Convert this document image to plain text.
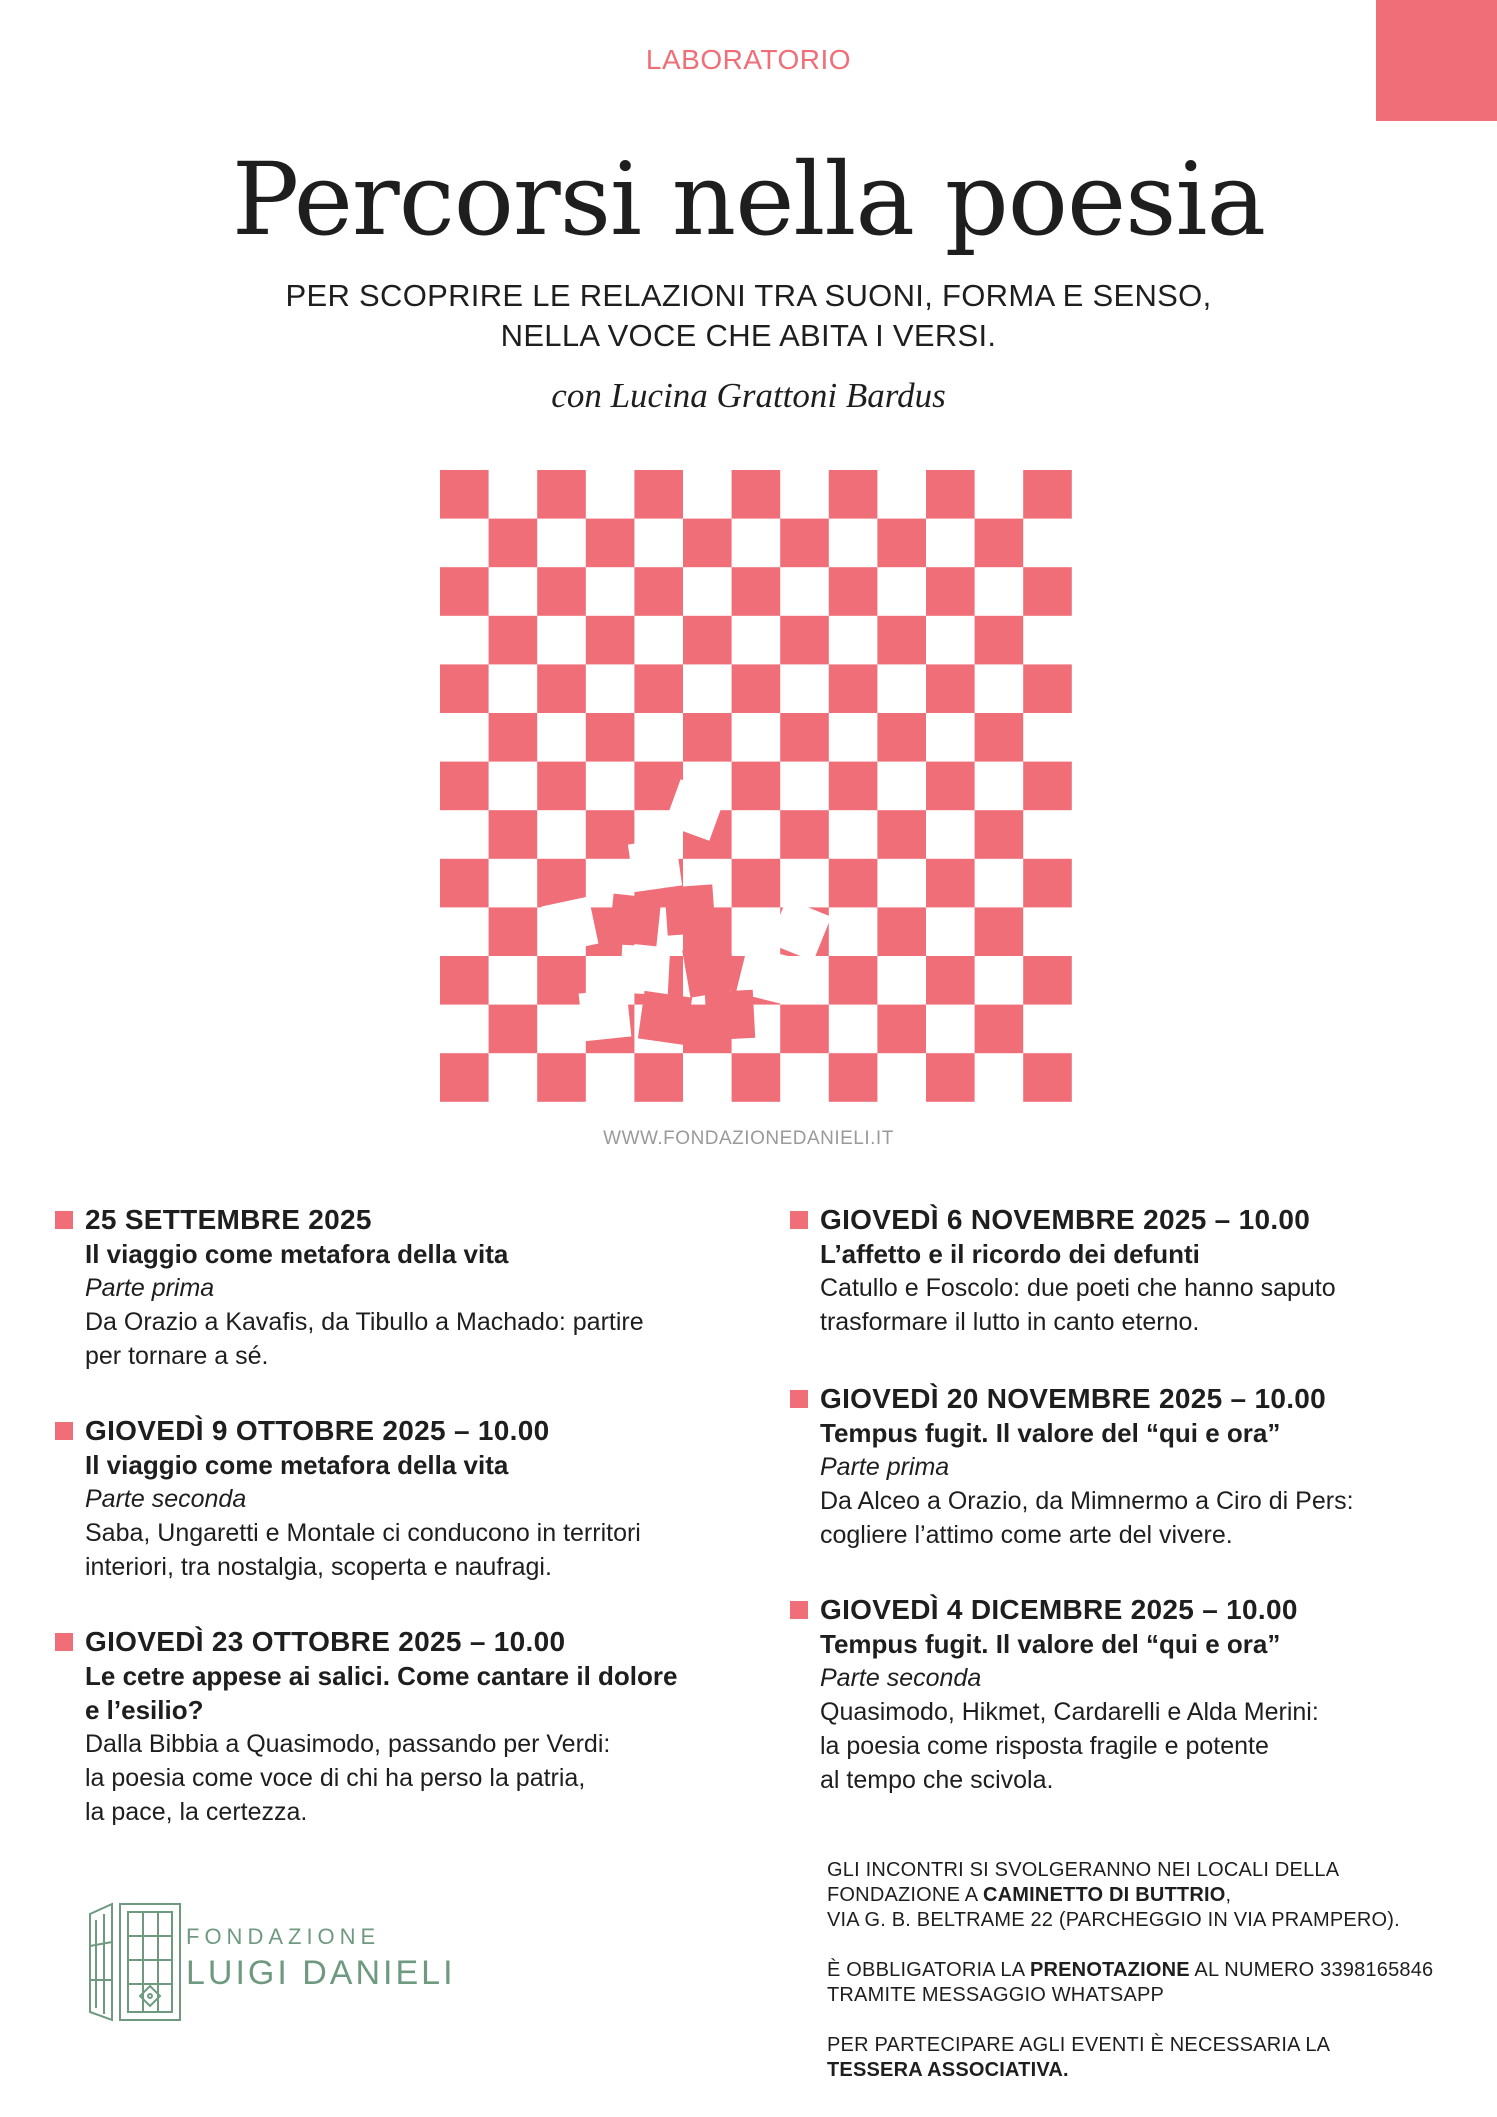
LABORATORIO
Percorsi nella poesia
PER SCOPRIRE LE RELAZIONI TRA SUONI, FORMA E SENSO,
NELLA VOCE CHE ABITA I VERSI.
con Lucina Grattoni Bardus
WWW.FONDAZIONEDANIELI.IT
25 SETTEMBRE 2025
Il viaggio come metafora della vita
Parte prima
Da Orazio a Kavafis, da Tibullo a Machado: partire
per tornare a sé.
GIOVEDÌ 9 OTTOBRE 2025 – 10.00
Il viaggio come metafora della vita
Parte seconda
Saba, Ungaretti e Montale ci conducono in territori
interiori, tra nostalgia, scoperta e naufragi.
GIOVEDÌ 23 OTTOBRE 2025 – 10.00
Le cetre appese ai salici. Come cantare il dolore
e l’esilio?
Dalla Bibbia a Quasimodo, passando per Verdi:
la poesia come voce di chi ha perso la patria,
la pace, la certezza.
GIOVEDÌ 6 NOVEMBRE 2025 – 10.00
L’affetto e il ricordo dei defunti
Catullo e Foscolo: due poeti che hanno saputo
trasformare il lutto in canto eterno.
GIOVEDÌ 20 NOVEMBRE 2025 – 10.00
Tempus fugit. Il valore del “qui e ora”
Parte prima
Da Alceo a Orazio, da Mimnermo a Ciro di Pers:
cogliere l’attimo come arte del vivere.
GIOVEDÌ 4 DICEMBRE 2025 – 10.00
Tempus fugit. Il valore del “qui e ora”
Parte seconda
Quasimodo, Hikmet, Cardarelli e Alda Merini:
la poesia come risposta fragile e potente
al tempo che scivola.
FONDAZIONE
LUIGI DANIELI

GLI INCONTRI SI SVOLGERANNO NEI LOCALI DELLA
FONDAZIONE A CAMINETTO DI BUTTRIO,
VIA G. B. BELTRAME 22 (PARCHEGGIO IN VIA PRAMPERO).

È OBBLIGATORIA LA PRENOTAZIONE AL NUMERO 3398165846
TRAMITE MESSAGGIO WHATSAPP

PER PARTECIPARE AGLI EVENTI È NECESSARIA LA
TESSERA ASSOCIATIVA.
